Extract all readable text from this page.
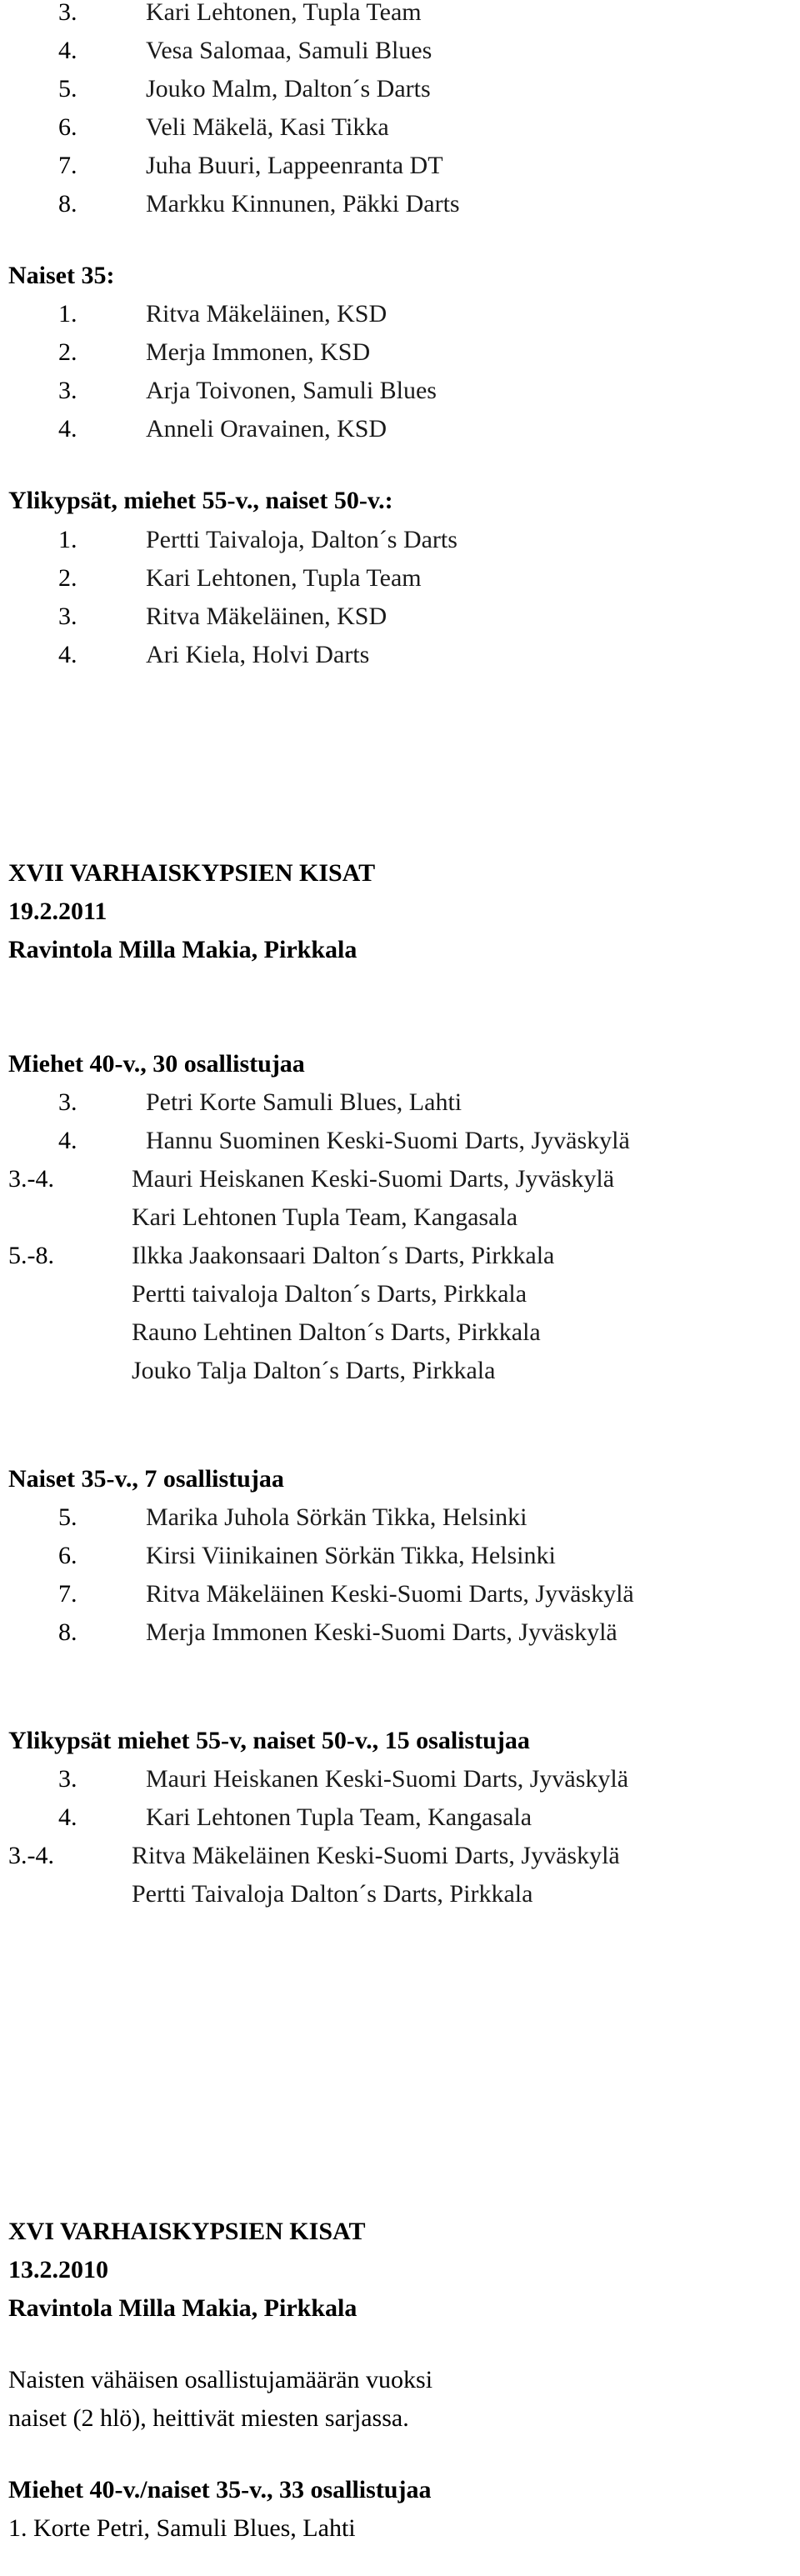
3.	Kari Lehtonen, Tupla Team
4.	Vesa Salomaa, Samuli Blues
5.	Jouko Malm, Dalton´s Darts
6.	Veli Mäkelä, Kasi Tikka
7.	Juha Buuri, Lappeenranta DT
8.	Markku Kinnunen, Päkki Darts
Naiset 35:
1.	Ritva Mäkeläinen, KSD
2.	Merja Immonen, KSD
3.	Arja Toivonen, Samuli Blues
4.	Anneli Oravainen, KSD
Ylikypsät, miehet 55-v., naiset 50-v.:
1.	Pertti Taivaloja, Dalton´s Darts
2.	Kari Lehtonen, Tupla Team
3.	Ritva Mäkeläinen, KSD
4.	Ari Kiela, Holvi Darts
XVII VARHAISKYPSIEN KISAT
19.2.2011
Ravintola Milla Makia, Pirkkala
Miehet 40-v., 30 osallistujaa
3.	Petri Korte Samuli Blues, Lahti
4.	Hannu Suominen Keski-Suomi Darts, Jyväskylä
3.-4.	Mauri Heiskanen Keski-Suomi Darts, Jyväskylä
Kari Lehtonen Tupla Team, Kangasala
5.-8.	Ilkka Jaakonsaari Dalton´s Darts, Pirkkala
Pertti taivaloja Dalton´s Darts, Pirkkala
Rauno Lehtinen Dalton´s Darts, Pirkkala
Jouko Talja Dalton´s Darts, Pirkkala
Naiset 35-v., 7 osallistujaa
5.	Marika Juhola Sörkän Tikka, Helsinki
6.	Kirsi Viinikainen Sörkän Tikka, Helsinki
7.	Ritva Mäkeläinen Keski-Suomi Darts, Jyväskylä
8.	Merja Immonen Keski-Suomi Darts, Jyväskylä
Ylikypsät miehet 55-v, naiset 50-v., 15 osalistujaa
3.	Mauri Heiskanen Keski-Suomi Darts, Jyväskylä
4.	Kari Lehtonen Tupla Team, Kangasala
3.-4.	Ritva Mäkeläinen Keski-Suomi Darts, Jyväskylä
Pertti Taivaloja Dalton´s Darts, Pirkkala
XVI VARHAISKYPSIEN KISAT
13.2.2010
Ravintola Milla Makia, Pirkkala
Naisten vähäisen osallistujamäärän vuoksi
naiset (2 hlö), heittivät miesten sarjassa.
Miehet 40-v./naiset 35-v., 33 osallistujaa
1. Korte Petri, Samuli Blues, Lahti
